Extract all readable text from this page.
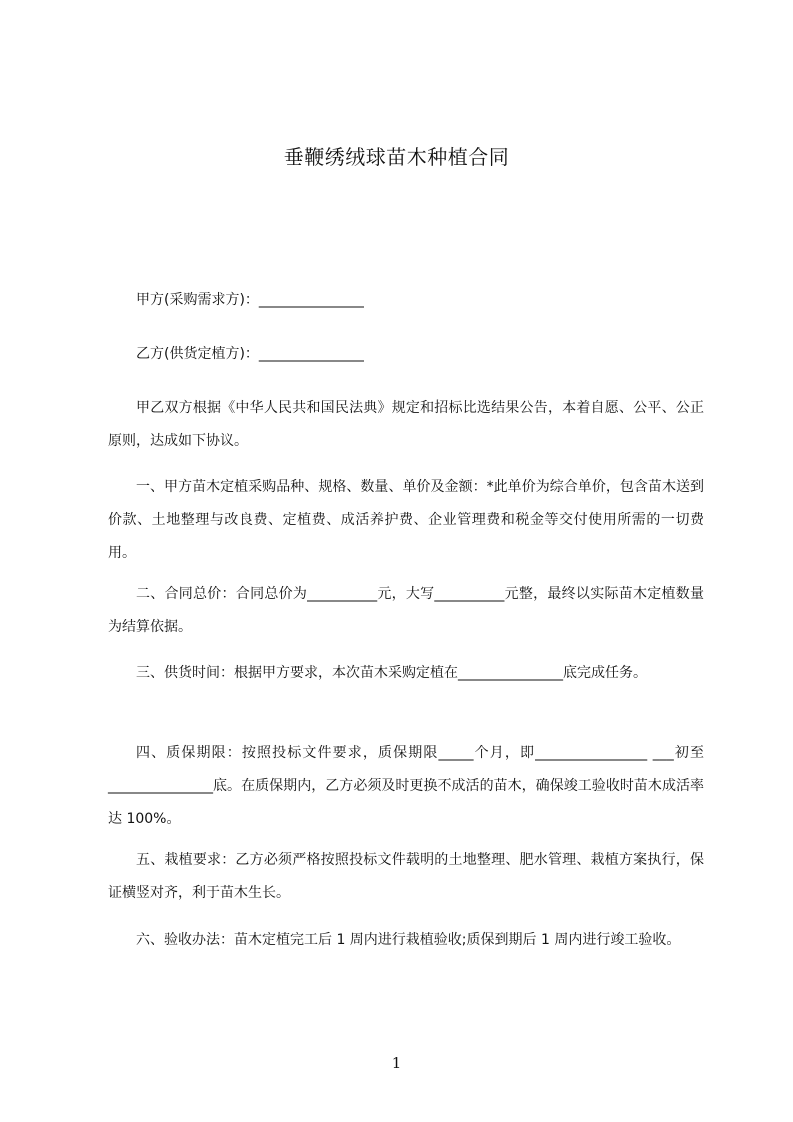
垂鞭绣绒球苗木种植合同

甲方(采购需求方)：_______________

乙方(供货定植方)：_______________

甲乙双方根据《中华人民共和国民法典》规定和招标比选结果公告，本着自愿、公平、公正原则，达成如下协议。

一、甲方苗木定植采购品种、规格、数量、单价及金额：*此单价为综合单价，包含苗木送到价款、土地整理与改良费、定植费、成活养护费、企业管理费和税金等交付使用所需的一切费用。

二、合同总价：合同总价为__________元，大写__________元整，最终以实际苗木定植数量为结算依据。

三、供货时间：根据甲方要求，本次苗木采购定植在_______________底完成任务。

四、质保期限：按照投标文件要求，质保期限_____个月，即________________ ___初至_______________底。在质保期内，乙方必须及时更换不成活的苗木，确保竣工验收时苗木成活率达 100%。

五、栽植要求：乙方必须严格按照投标文件载明的土地整理、肥水管理、栽植方案执行，保证横竖对齐，利于苗木生长。

六、验收办法：苗木定植完工后 1 周内进行栽植验收;质保到期后 1 周内进行竣工验收。

1
